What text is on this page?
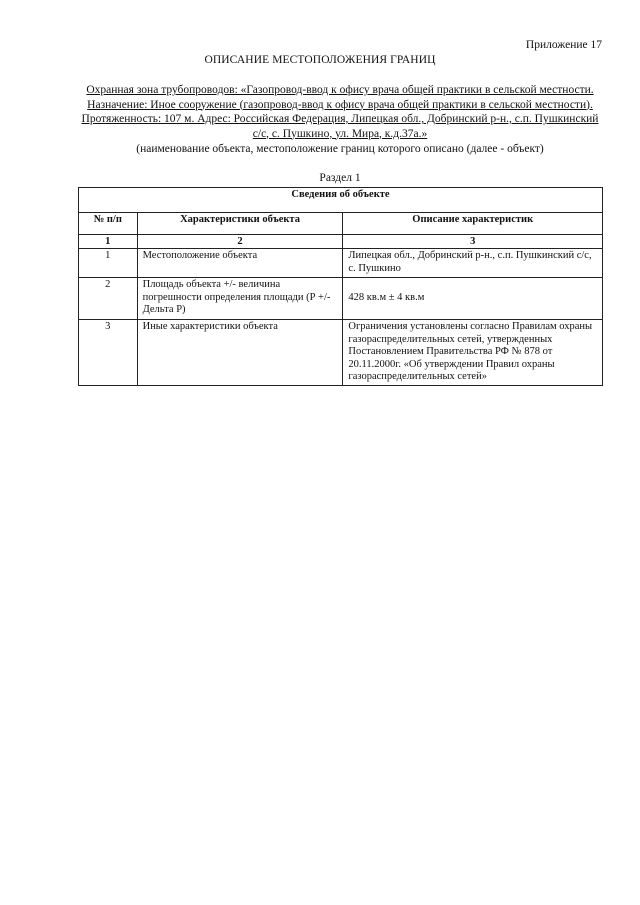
Приложение 17
ОПИСАНИЕ МЕСТОПОЛОЖЕНИЯ ГРАНИЦ
Охранная зона трубопроводов: «Газопровод-ввод к офису врача общей практики в сельской местности. Назначение: Иное сооружение (газопровод-ввод к офису врача общей практики в сельской местности). Протяженность: 107 м. Адрес: Российская Федерация, Липецкая обл., Добринский р-н., с.п. Пушкинский с/с, с. Пушкино, ул. Мира, к.д.37а.»
(наименование объекта, местоположение границ которого описано (далее - объект)
Раздел 1
Сведения об объекте		
№ п/п	Характеристики объекта	Описание характеристик
1	2	3
1	Местоположение объекта	Липецкая обл., Добринский р-н., с.п. Пушкинский с/с, с. Пушкино
2	Площадь объекта +/- величина погрешности определения площади (Р +/- Дельта Р)	428 кв.м ± 4 кв.м
3	Иные характеристики объекта	Ограничения установлены согласно Правилам охраны газораспределительных сетей, утвержденных Постановлением Правительства РФ № 878 от 20.11.2000г. «Об утверждении Правил охраны газораспределительных сетей»
